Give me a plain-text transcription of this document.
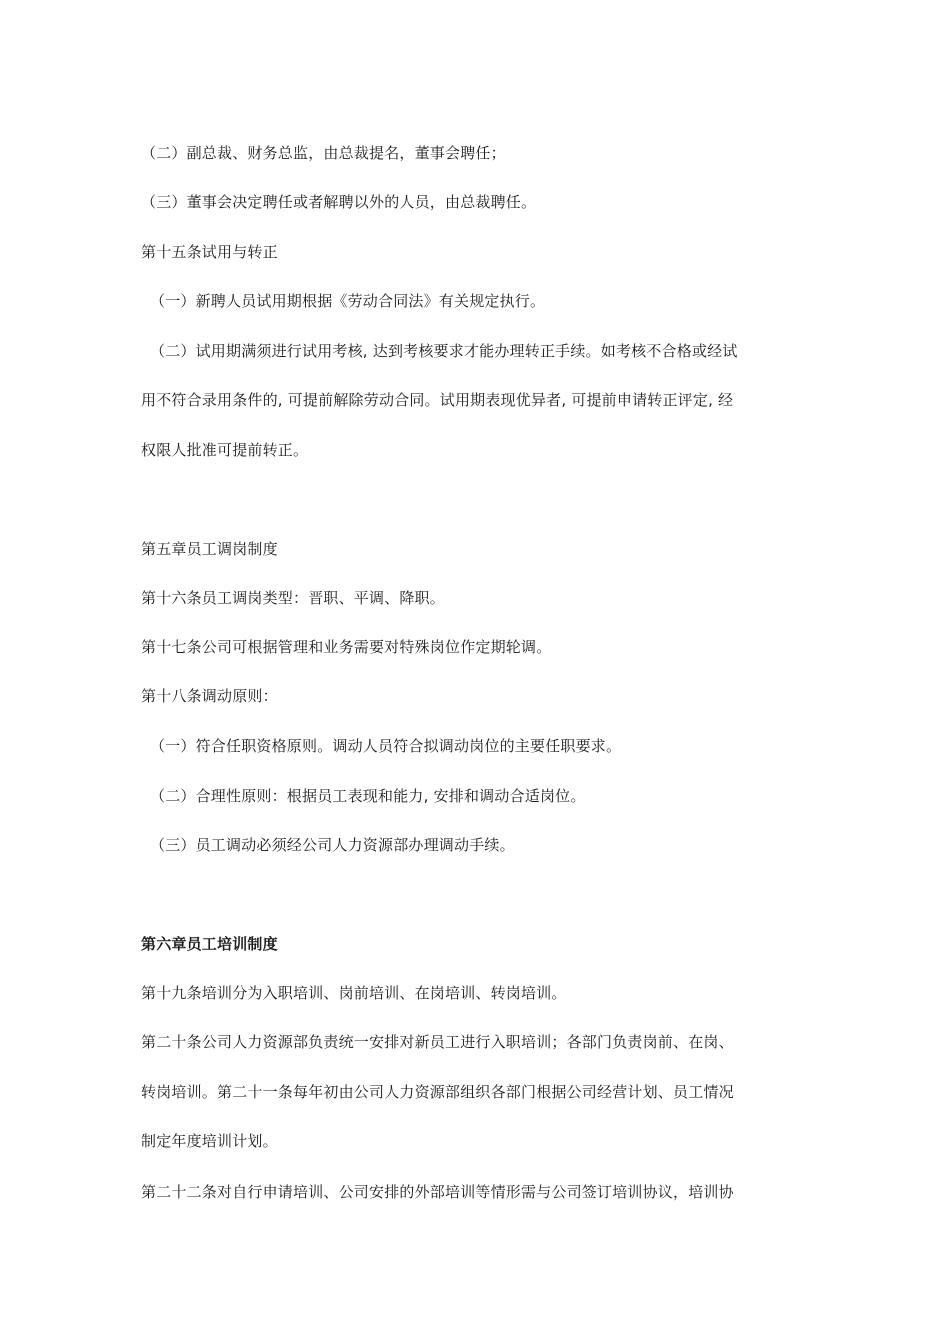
（二）副总裁、财务总监，由总裁提名，董事会聘任；
（三）董事会决定聘任或者解聘以外的人员，由总裁聘任。
第十五条试用与转正
（一）新聘人员试用期根据《劳动合同法》有关规定执行。
（二）试用期满须进行试用考核, 达到考核要求才能办理转正手续。如考核不合格或经试
用不符合录用条件的, 可提前解除劳动合同。试用期表现优异者, 可提前申请转正评定, 经
权限人批准可提前转正。
第五章员工调岗制度
第十六条员工调岗类型：晋职、平调、降职。
第十七条公司可根据管理和业务需要对特殊岗位作定期轮调。
第十八条调动原则：
（一）符合任职资格原则。调动人员符合拟调动岗位的主要任职要求。
（二）合理性原则：根据员工表现和能力, 安排和调动合适岗位。
（三）员工调动必须经公司人力资源部办理调动手续。
第六章员工培训制度
第十九条培训分为入职培训、岗前培训、在岗培训、转岗培训。
第二十条公司人力资源部负责统一安排对新员工进行入职培训；各部门负责岗前、在岗、
转岗培训。第二十一条每年初由公司人力资源部组织各部门根据公司经营计划、员工情况
制定年度培训计划。
第二十二条对自行申请培训、公司安排的外部培训等情形需与公司签订培训协议，培训协
